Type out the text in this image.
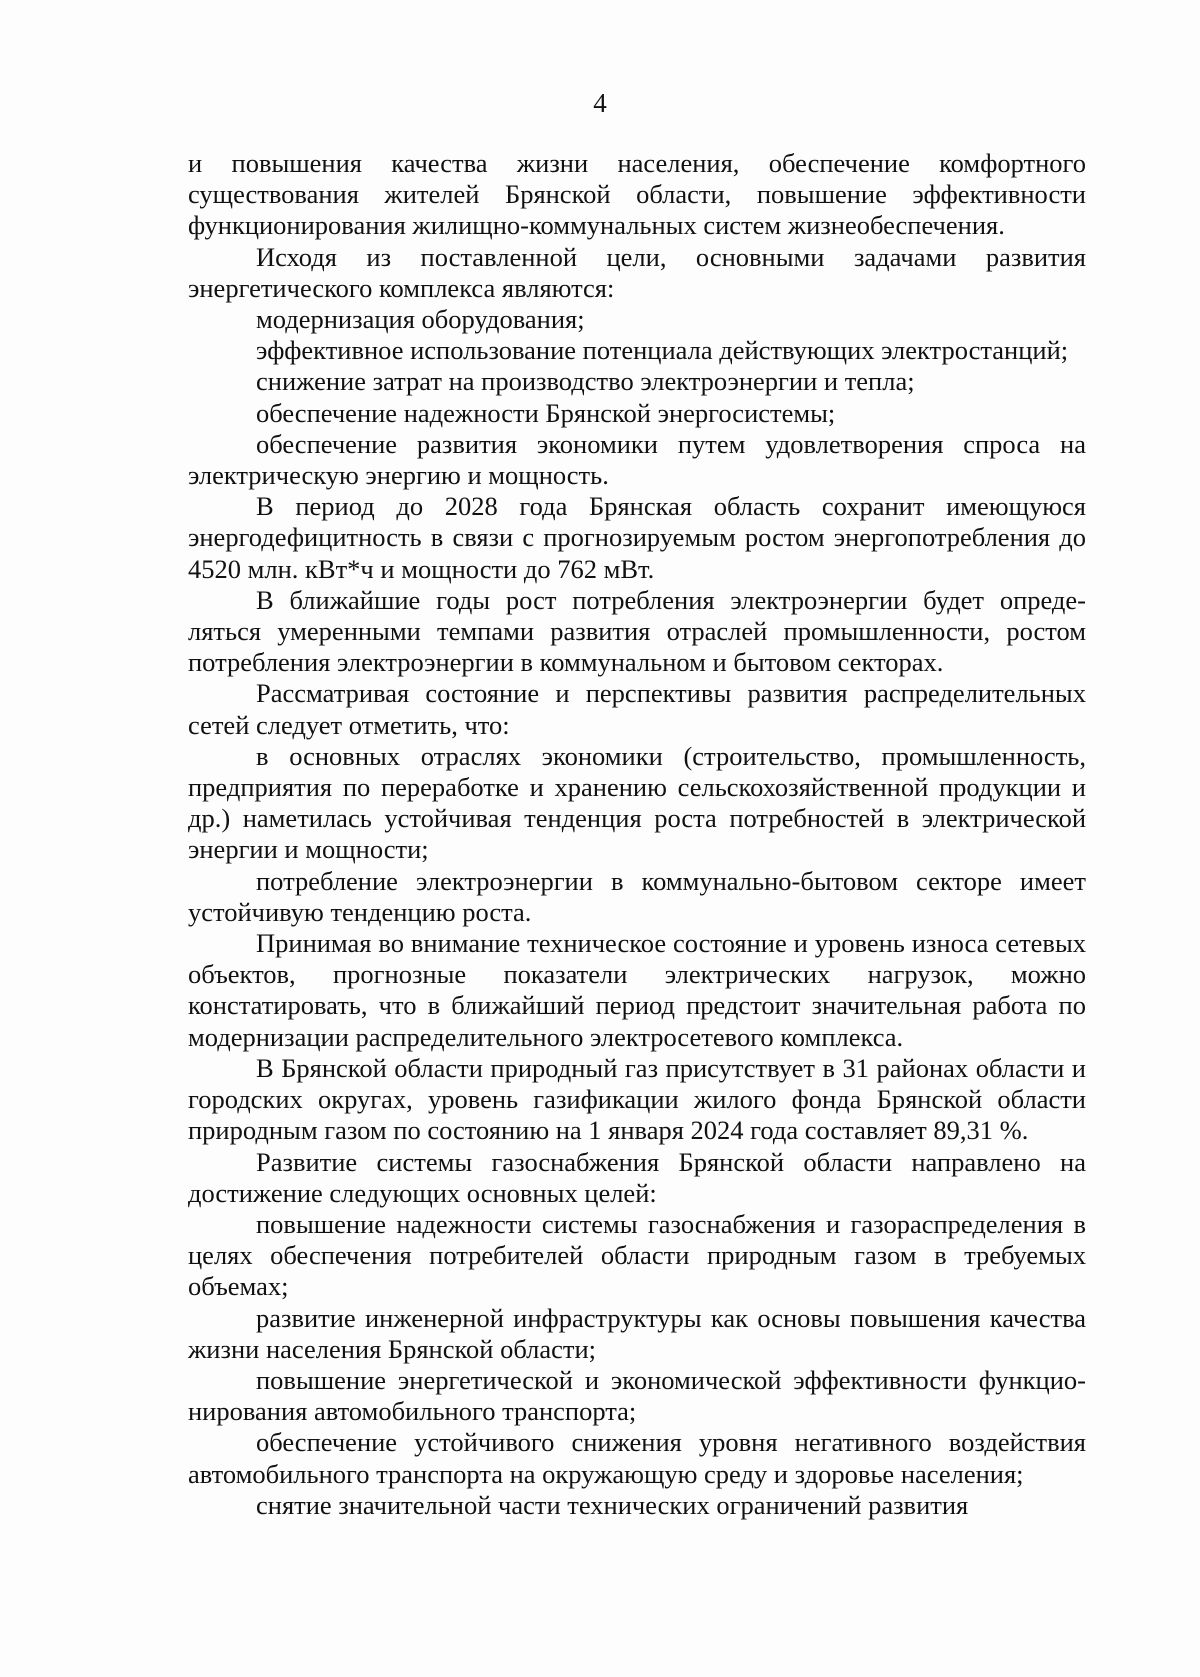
4

и повышения качества жизни населения, обеспечение комфортного существования жителей Брянской области, повышение эффективности функционирования жилищно-коммунальных систем жизнеобеспечения.

Исходя из поставленной цели, основными задачами развития энергетического комплекса являются:

модернизация оборудования;

эффективное использование потенциала действующих электростанций;

снижение затрат на производство электроэнергии и тепла;

обеспечение надежности Брянской энергосистемы;

обеспечение развития экономики путем удовлетворения спроса на электрическую энергию и мощность.

В период до 2028 года Брянская область сохранит имеющуюся энергодефицитность в связи с прогнозируемым ростом энергопотребления до 4520 млн. кВт*ч и мощности до 762 мВт.

В ближайшие годы рост потребления электроэнергии будет опреде-ляться умеренными темпами развития отраслей промышленности, ростом потребления электроэнергии в коммунальном и бытовом секторах.

Рассматривая состояние и перспективы развития распределительных сетей следует отметить, что:

в основных отраслях экономики (строительство, промышленность, предприятия по переработке и хранению сельскохозяйственной продукции и др.) наметилась устойчивая тенденция роста потребностей в электрической энергии и мощности;

потребление электроэнергии в коммунально-бытовом секторе имеет устойчивую тенденцию роста.

Принимая во внимание техническое состояние и уровень износа сетевых объектов, прогнозные показатели электрических нагрузок, можно констатировать, что в ближайший период предстоит значительная работа по модернизации распределительного электросетевого комплекса.

В Брянской области природный газ присутствует в 31 районах области и городских округах, уровень газификации жилого фонда Брянской области природным газом по состоянию на 1 января 2024 года составляет 89,31 %.

Развитие системы газоснабжения Брянской области направлено на достижение следующих основных целей:

повышение надежности системы газоснабжения и газораспределения в целях обеспечения потребителей области природным газом в требуемых объемах;

развитие инженерной инфраструктуры как основы повышения качества жизни населения Брянской области;

повышение энергетической и экономической эффективности функцио-нирования автомобильного транспорта;

обеспечение устойчивого снижения уровня негативного воздействия автомобильного транспорта на окружающую среду и здоровье населения;

снятие значительной части технических ограничений развития
